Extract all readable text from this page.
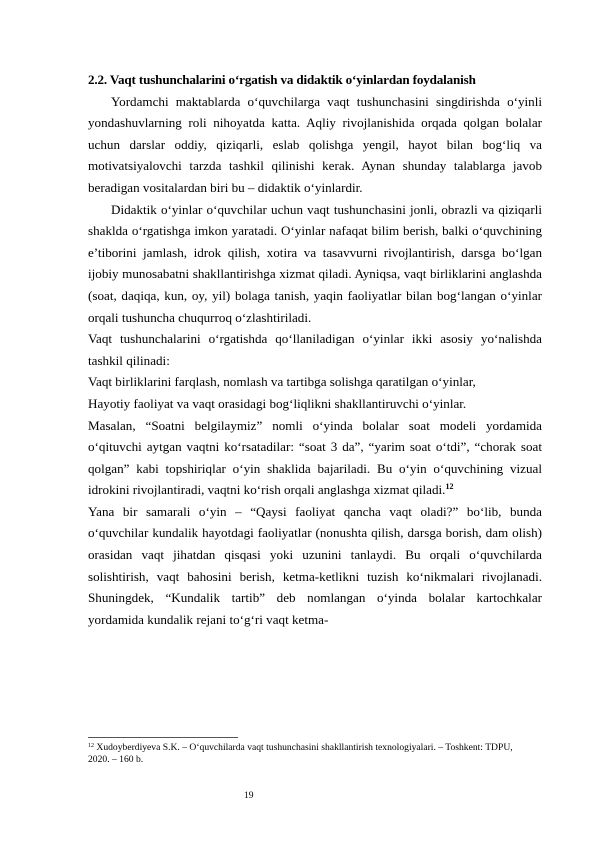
2.2. Vaqt tushunchalarini o‘rgatish va didaktik o‘yinlardan foydalanish

Yordamchi maktablarda o‘quvchilarga vaqt tushunchasini singdirishda o‘yinli yondashuvlarning roli nihoyatda katta. Aqliy rivojlanishida orqada qolgan bolalar uchun darslar oddiy, qiziqarli, eslab qolishga yengil, hayot bilan bog‘liq va motivatsiyalovchi tarzda tashkil qilinishi kerak. Aynan shunday talablarga javob beradigan vositalardan biri bu – didaktik o‘yinlardir.

Didaktik o‘yinlar o‘quvchilar uchun vaqt tushunchasini jonli, obrazli va qiziqarli shaklda o‘rgatishga imkon yaratadi. O‘yinlar nafaqat bilim berish, balki o‘quvchining e’tiborini jamlash, idrok qilish, xotira va tasavvurni rivojlantirish, darsga bo‘lgan ijobiy munosabatni shakllantirishga xizmat qiladi. Ayniqsa, vaqt birliklarini anglashda (soat, daqiqa, kun, oy, yil) bolaga tanish, yaqin faoliyatlar bilan bog‘langan o‘yinlar orqali tushuncha chuqurroq o‘zlashtiriladi.

Vaqt tushunchalarini o‘rgatishda qo‘llaniladigan o‘yinlar ikki asosiy yo‘nalishda tashkil qilinadi:

Vaqt birliklarini farqlash, nomlash va tartibga solishga qaratilgan o‘yinlar,

Hayotiy faoliyat va vaqt orasidagi bog‘liqlikni shakllantiruvchi o‘yinlar.

Masalan, “Soatni belgilaymiz” nomli o‘yinda bolalar soat modeli yordamida o‘qituvchi aytgan vaqtni ko‘rsatadilar: “soat 3 da”, “yarim soat o‘tdi”, “chorak soat qolgan” kabi topshiriqlar o‘yin shaklida bajariladi. Bu o‘yin o‘quvchining vizual idrokini rivojlantiradi, vaqtni ko‘rish orqali anglashga xizmat qiladi.$^{12}$

Yana bir samarali o‘yin – “Qaysi faoliyat qancha vaqt oladi?” bo‘lib, bunda o‘quvchilar kundalik hayotdagi faoliyatlar (nonushta qilish, darsga borish, dam olish) orasidan vaqt jihatdan qisqasi yoki uzunini tanlaydi. Bu orqali o‘quvchilarda solishtirish, vaqt bahosini berish, ketma-ketlikni tuzish ko‘nikmalari rivojlanadi. Shuningdek, “Kundalik tartib” deb nomlangan o‘yinda bolalar kartochkalar yordamida kundalik rejani to‘g‘ri vaqt ketma-

$^{12}$ Xudoyberdiyeva S.K. – O‘quvchilarda vaqt tushunchasini shakllantirish texnologiyalari. – Toshkent: TDPU, 2020. – 160 b.
19
